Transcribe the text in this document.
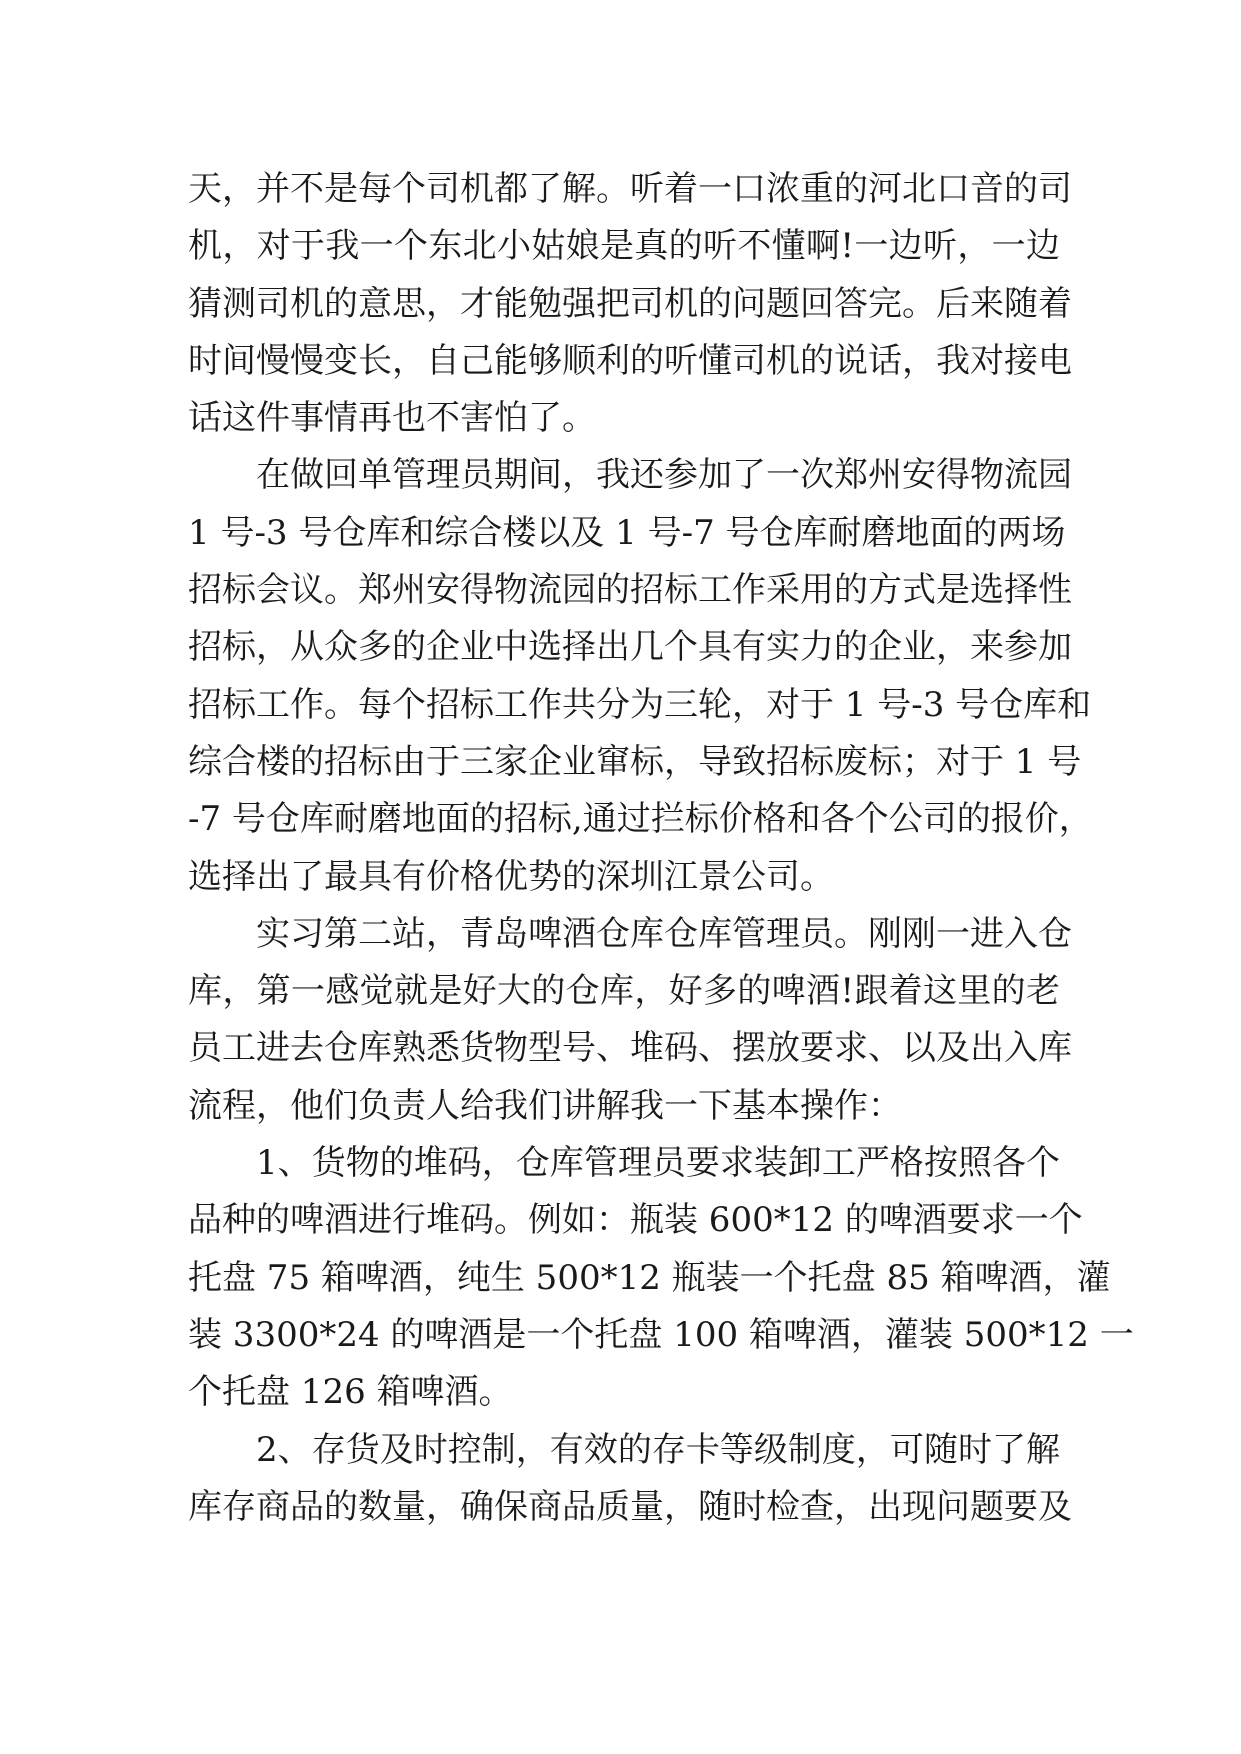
天，并不是每个司机都了解。听着一口浓重的河北口音的司
机，对于我一个东北小姑娘是真的听不懂啊!一边听，一边
猜测司机的意思，才能勉强把司机的问题回答完。后来随着
时间慢慢变长，自己能够顺利的听懂司机的说话，我对接电
话这件事情再也不害怕了。
　　在做回单管理员期间，我还参加了一次郑州安得物流园
1 号-3 号仓库和综合楼以及 1 号-7 号仓库耐磨地面的两场
招标会议。郑州安得物流园的招标工作采用的方式是选择性
招标，从众多的企业中选择出几个具有实力的企业，来参加
招标工作。每个招标工作共分为三轮，对于 1 号-3 号仓库和
综合楼的招标由于三家企业窜标，导致招标废标；对于 1 号
-7 号仓库耐磨地面的招标,通过拦标价格和各个公司的报价，
选择出了最具有价格优势的深圳江景公司。
　　实习第二站，青岛啤酒仓库仓库管理员。刚刚一进入仓
库，第一感觉就是好大的仓库，好多的啤酒!跟着这里的老
员工进去仓库熟悉货物型号、堆码、摆放要求、以及出入库
流程，他们负责人给我们讲解我一下基本操作：
　　1、货物的堆码，仓库管理员要求装卸工严格按照各个
品种的啤酒进行堆码。例如：瓶装 600*12 的啤酒要求一个
托盘 75 箱啤酒，纯生 500*12 瓶装一个托盘 85 箱啤酒，灌
装 3300*24 的啤酒是一个托盘 100 箱啤酒，灌装 500*12 一
个托盘 126 箱啤酒。
　　2、存货及时控制，有效的存卡等级制度，可随时了解
库存商品的数量，确保商品质量，随时检查，出现问题要及
